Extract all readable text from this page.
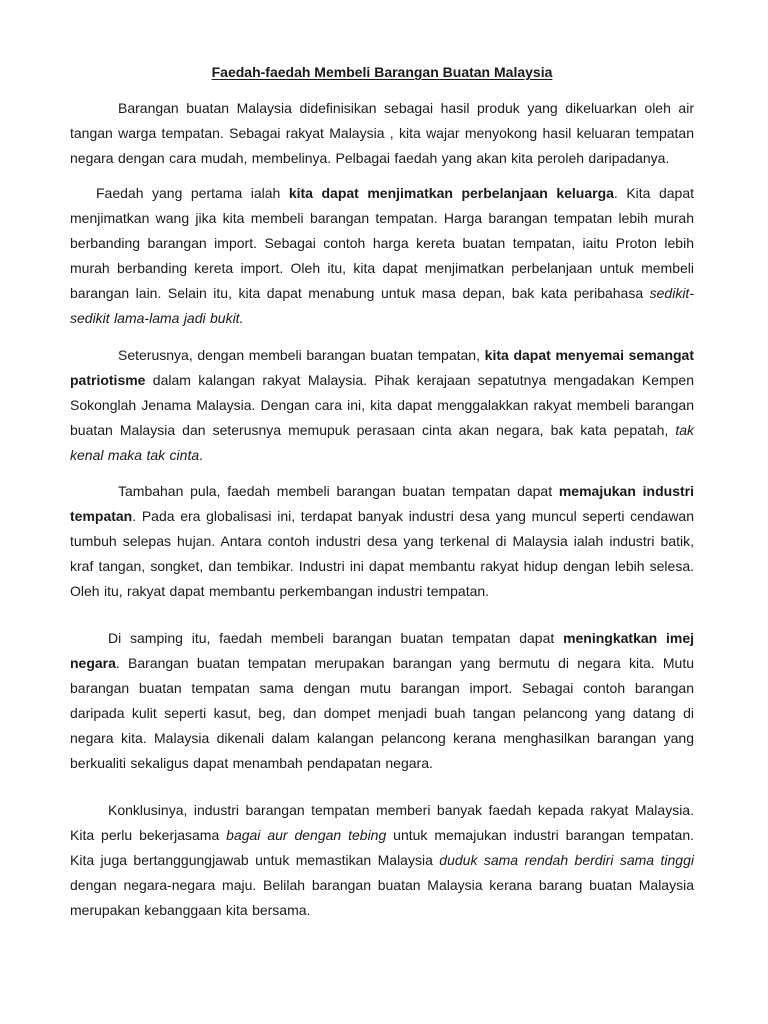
Faedah-faedah Membeli Barangan Buatan Malaysia

Barangan buatan Malaysia didefinisikan sebagai hasil produk yang dikeluarkan oleh air tangan warga tempatan. Sebagai rakyat Malaysia , kita wajar menyokong hasil keluaran tempatan negara dengan cara mudah, membelinya. Pelbagai faedah yang akan kita peroleh daripadanya.

Faedah yang pertama ialah kita dapat menjimatkan perbelanjaan keluarga. Kita dapat menjimatkan wang jika kita membeli barangan tempatan. Harga barangan tempatan lebih murah berbanding barangan import. Sebagai contoh harga kereta buatan tempatan, iaitu Proton lebih murah berbanding kereta import. Oleh itu, kita dapat menjimatkan perbelanjaan untuk membeli barangan lain. Selain itu, kita dapat menabung untuk masa depan, bak kata peribahasa sedikit-sedikit lama-lama jadi bukit.

Seterusnya, dengan membeli barangan buatan tempatan, kita dapat menyemai semangat patriotisme dalam kalangan rakyat Malaysia. Pihak kerajaan sepatutnya mengadakan Kempen Sokonglah Jenama Malaysia. Dengan cara ini, kita dapat menggalakkan rakyat membeli barangan buatan Malaysia dan seterusnya memupuk perasaan cinta akan negara, bak kata pepatah, tak kenal maka tak cinta.

Tambahan pula, faedah membeli barangan buatan tempatan dapat memajukan industri tempatan. Pada era globalisasi ini, terdapat banyak industri desa yang muncul seperti cendawan tumbuh selepas hujan. Antara contoh industri desa yang terkenal di Malaysia ialah industri batik, kraf tangan, songket, dan tembikar. Industri ini dapat membantu rakyat hidup dengan lebih selesa. Oleh itu, rakyat dapat membantu perkembangan industri tempatan.

Di samping itu, faedah membeli barangan buatan tempatan dapat meningkatkan imej negara. Barangan buatan tempatan merupakan barangan yang bermutu di negara kita. Mutu barangan buatan tempatan sama dengan mutu barangan import. Sebagai contoh barangan daripada kulit seperti kasut, beg, dan dompet menjadi buah tangan pelancong yang datang di negara kita. Malaysia dikenali dalam kalangan pelancong kerana menghasilkan barangan yang berkualiti sekaligus dapat menambah pendapatan negara.

Konklusinya, industri barangan tempatan memberi banyak faedah kepada rakyat Malaysia. Kita perlu bekerjasama bagai aur dengan tebing untuk memajukan industri barangan tempatan. Kita juga bertanggungjawab untuk memastikan Malaysia duduk sama rendah berdiri sama tinggi dengan negara-negara maju. Belilah barangan buatan Malaysia kerana barang buatan Malaysia merupakan kebanggaan kita bersama.
